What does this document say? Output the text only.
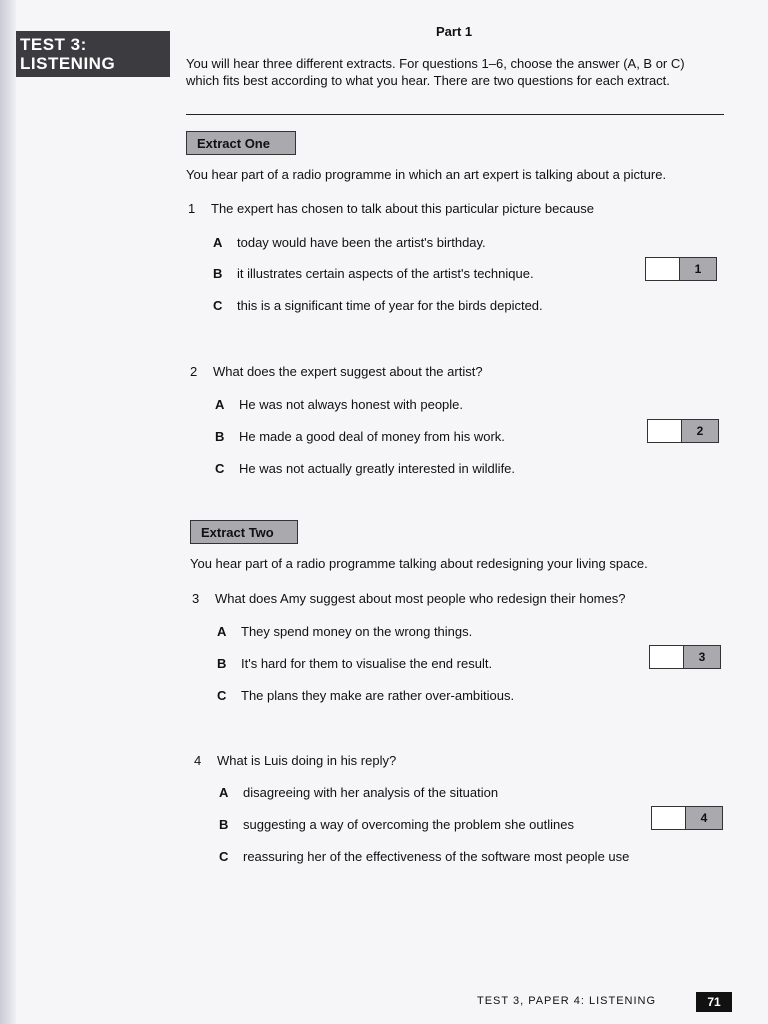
TEST 3:
LISTENING
Part 1
You will hear three different extracts. For questions 1–6, choose the answer (A, B or C) which fits best according to what you hear. There are two questions for each extract.
Extract One
You hear part of a radio programme in which an art expert is talking about a picture.
1 The expert has chosen to talk about this particular picture because
A today would have been the artist's birthday.
B it illustrates certain aspects of the artist's technique.
C this is a significant time of year for the birds depicted.
1
2 What does the expert suggest about the artist?
A He was not always honest with people.
B He made a good deal of money from his work.
C He was not actually greatly interested in wildlife.
2
Extract Two
You hear part of a radio programme talking about redesigning your living space.
3 What does Amy suggest about most people who redesign their homes?
A They spend money on the wrong things.
B It's hard for them to visualise the end result.
C The plans they make are rather over-ambitious.
3
4 What is Luis doing in his reply?
A disagreeing with her analysis of the situation
B suggesting a way of overcoming the problem she outlines
C reassuring her of the effectiveness of the software most people use
4
TEST 3, PAPER 4: LISTENING	71
